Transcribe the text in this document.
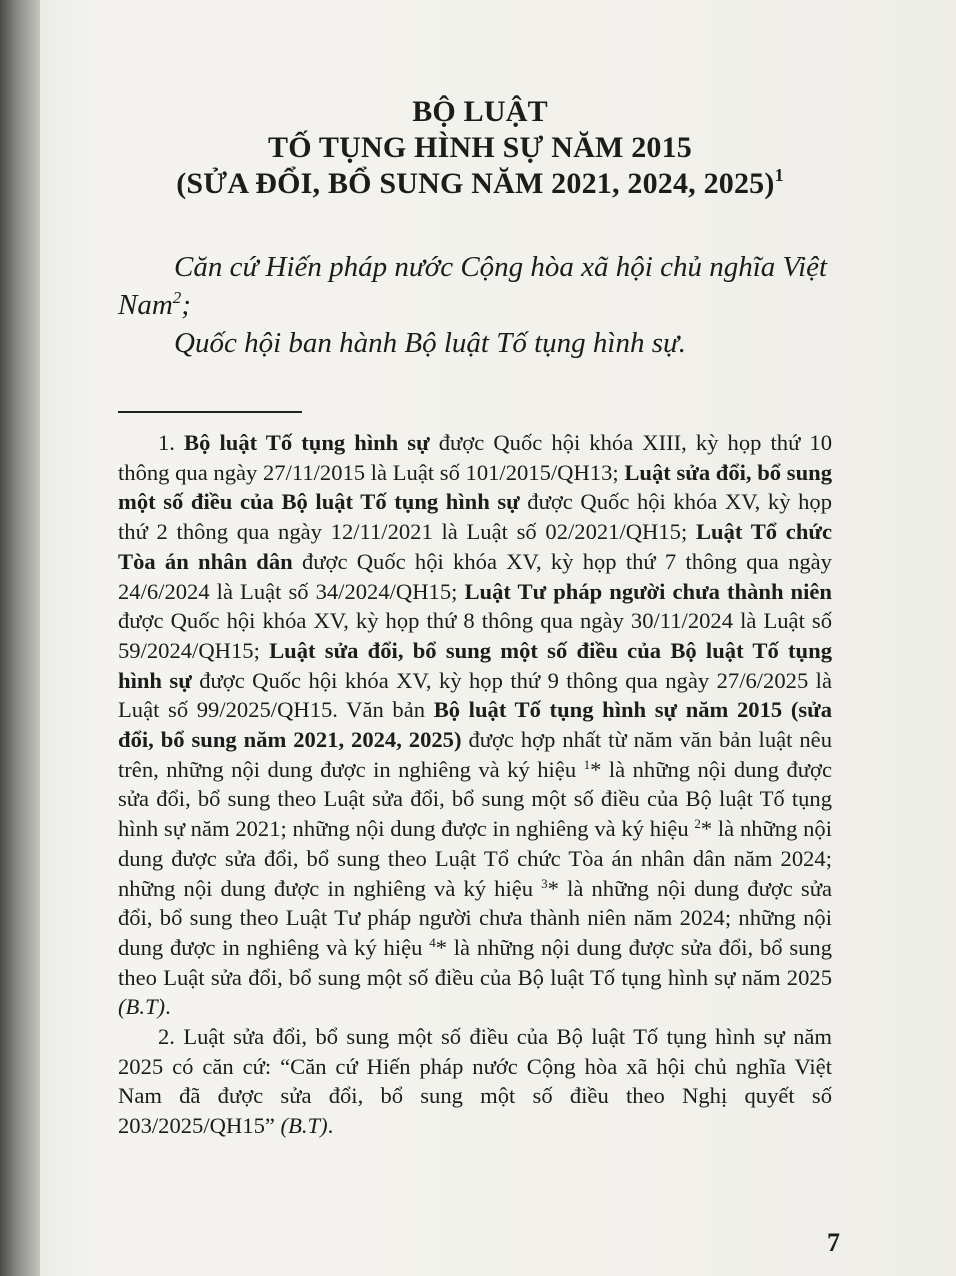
BỘ LUẬT
TỐ TỤNG HÌNH SỰ NĂM 2015
(SỬA ĐỔI, BỔ SUNG NĂM 2021, 2024, 2025)$^1$

Căn cứ Hiến pháp nước Cộng hòa xã hội chủ nghĩa Việt Nam$^2$;

Quốc hội ban hành Bộ luật Tố tụng hình sự.

1. Bộ luật Tố tụng hình sự được Quốc hội khóa XIII, kỳ họp thứ 10 thông qua ngày 27/11/2015 là Luật số 101/2015/QH13; Luật sửa đổi, bổ sung một số điều của Bộ luật Tố tụng hình sự được Quốc hội khóa XV, kỳ họp thứ 2 thông qua ngày 12/11/2021 là Luật số 02/2021/QH15; Luật Tổ chức Tòa án nhân dân được Quốc hội khóa XV, kỳ họp thứ 7 thông qua ngày 24/6/2024 là Luật số 34/2024/QH15; Luật Tư pháp người chưa thành niên được Quốc hội khóa XV, kỳ họp thứ 8 thông qua ngày 30/11/2024 là Luật số 59/2024/QH15; Luật sửa đổi, bổ sung một số điều của Bộ luật Tố tụng hình sự được Quốc hội khóa XV, kỳ họp thứ 9 thông qua ngày 27/6/2025 là Luật số 99/2025/QH15. Văn bản Bộ luật Tố tụng hình sự năm 2015 (sửa đổi, bổ sung năm 2021, 2024, 2025) được hợp nhất từ năm văn bản luật nêu trên, những nội dung được in nghiêng và ký hiệu $^1$* là những nội dung được sửa đổi, bổ sung theo Luật sửa đổi, bổ sung một số điều của Bộ luật Tố tụng hình sự năm 2021; những nội dung được in nghiêng và ký hiệu $^2$* là những nội dung được sửa đổi, bổ sung theo Luật Tổ chức Tòa án nhân dân năm 2024; những nội dung được in nghiêng và ký hiệu $^3$* là những nội dung được sửa đổi, bổ sung theo Luật Tư pháp người chưa thành niên năm 2024; những nội dung được in nghiêng và ký hiệu $^4$* là những nội dung được sửa đổi, bổ sung theo Luật sửa đổi, bổ sung một số điều của Bộ luật Tố tụng hình sự năm 2025 (B.T).

2. Luật sửa đổi, bổ sung một số điều của Bộ luật Tố tụng hình sự năm 2025 có căn cứ: “Căn cứ Hiến pháp nước Cộng hòa xã hội chủ nghĩa Việt Nam đã được sửa đổi, bổ sung một số điều theo Nghị quyết số 203/2025/QH15” (B.T).

7
